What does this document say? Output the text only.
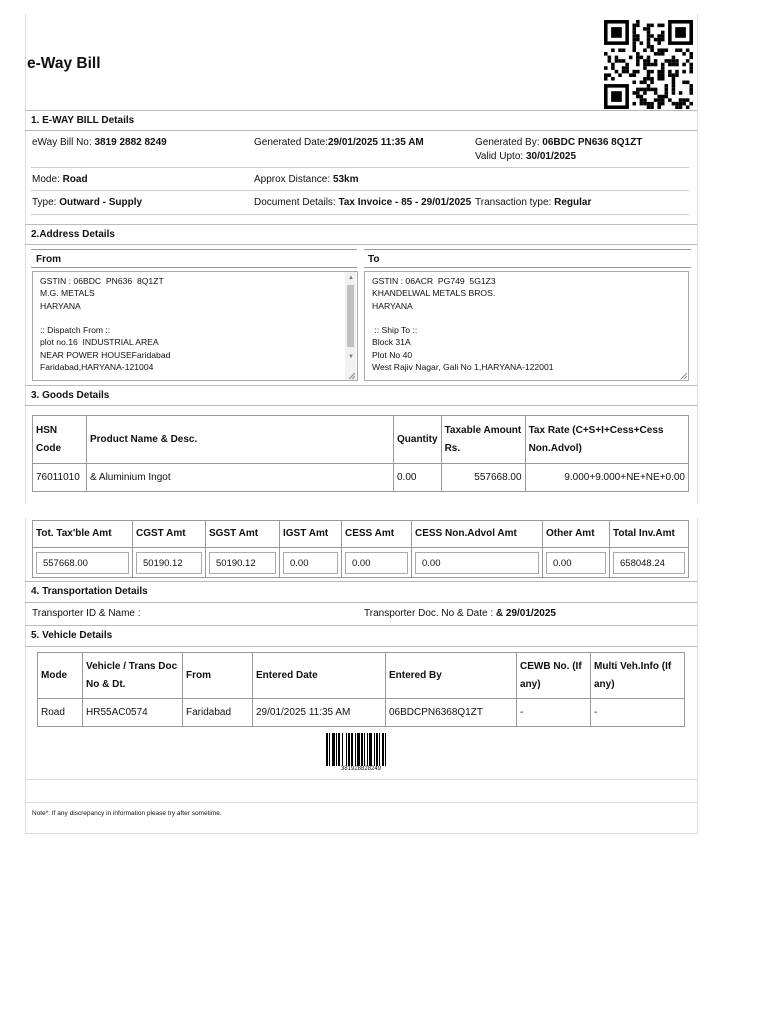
e-Way Bill
1. E-WAY BILL Details
eWay Bill No: 3819 2882 8249	Generated Date:29/01/2025 11:35 AM	Generated By: 06BDC PN636 8Q1ZT
Valid Upto: 30/01/2025
Mode: Road	Approx Distance: 53km
Type: Outward - Supply	Document Details: Tax Invoice - 85 - 29/01/2025 Transaction type: Regular
2.Address Details
From	To
GSTIN : 06BDC  PN636  8Q1ZT
M.G. METALS
HARYANA

:: Dispatch From ::
plot no.16  INDUSTRIAL AREA
NEAR POWER HOUSEFaridabad
Faridabad,HARYANA-121004
▲
▼
GSTIN : 06ACR  PG749  5G1Z3
KHANDELWAL METALS BROS.
HARYANA

:: Ship To ::
Block 31A
Plot No 40
West Rajiv Nagar, Gali No 1,HARYANA-122001
3. Goods Details
HSN Code	Product Name & Desc.	Quantity	Taxable Amount Rs.	Tax Rate (C+S+I+Cess+Cess Non.Advol)
76011010	& Aluminium Ingot	0.00	557668.00	9.000+9.000+NE+NE+0.00
Tot. Tax'ble Amt	CGST Amt	SGST Amt	IGST Amt	CESS Amt	CESS Non.Advol Amt	Other Amt	Total Inv.Amt

557668.00	50190.12	50190.12	0.00	0.00	0.00	0.00	658048.24
4. Transportation Details
Transporter ID & Name :	Transporter Doc. No & Date : & 29/01/2025
5. Vehicle Details
Mode	Vehicle / Trans Doc No & Dt.	From	Entered Date	Entered By	CEWB No. (If any)	Multi Veh.Info (If any)
Road	HR55AC0574	Faridabad	29/01/2025 11:35 AM	06BDCPN6368Q1ZT	-	-
381928828249
Note*: If any discrepancy in information please try after sometime.
